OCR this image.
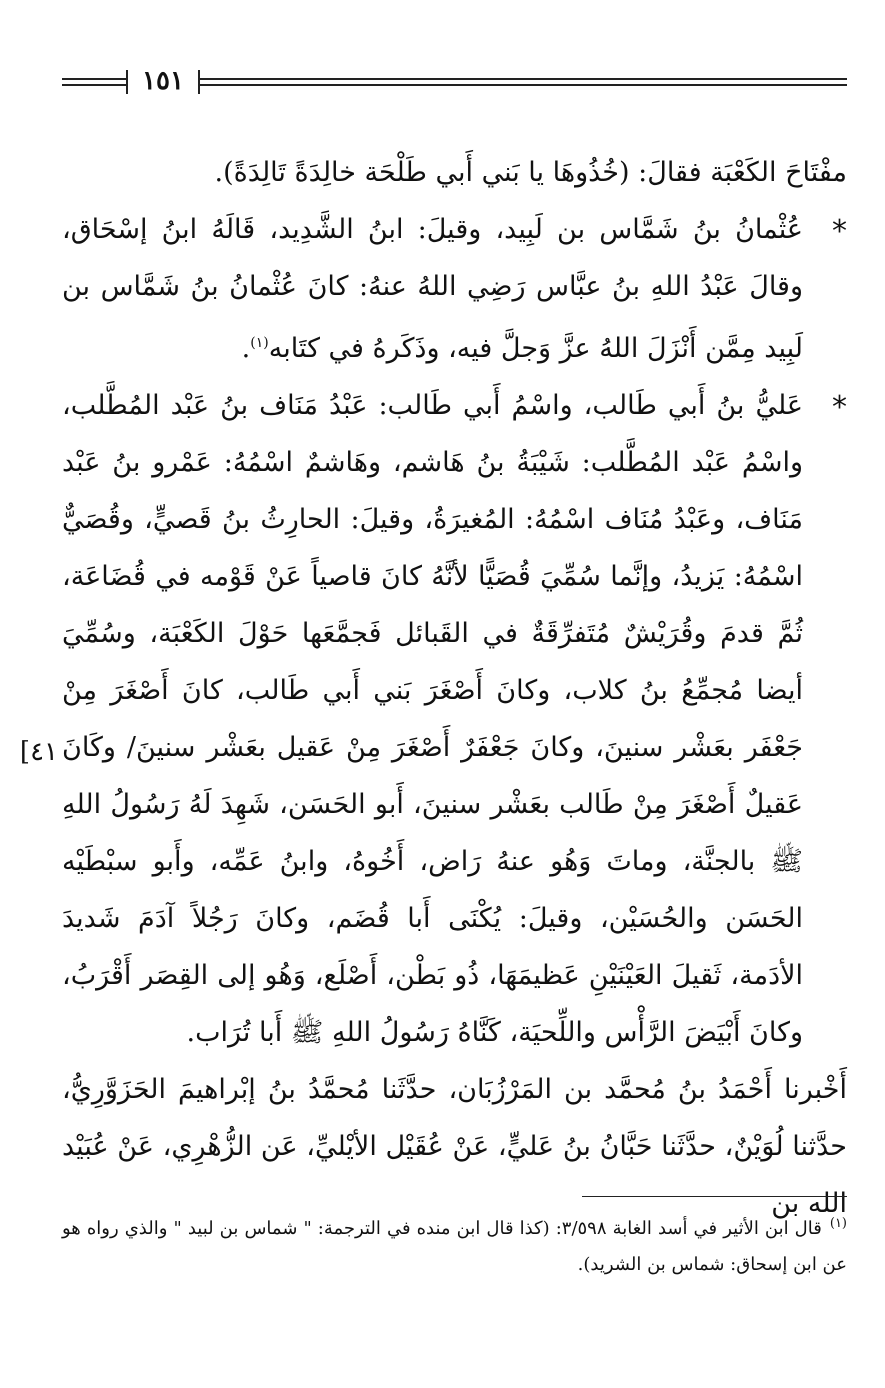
١٥١
[٤١

مفْتَاحَ الكَعْبَة فقالَ: (خُذُوهَا يا بَني أَبي طَلْحَة خالِدَةً تَالِدَةً).

*
عُثْمانُ بنُ شَمَّاس بن لَبِيد، وقيلَ: ابنُ الشَّدِيد، قَالَهُ ابنُ إسْحَاق، وقالَ عَبْدُ اللهِ بنُ عبَّاس رَضِي اللهُ عنهُ: كانَ عُثْمانُ بنُ شَمَّاس بن لَبِيد مِمَّن أَنْزَلَ اللهُ عزَّ وَجلَّ فيه، وذَكَرهُ في كتَابه$^{(١)}$.

*
عَليُّ بنُ أَبي طَالب، واسْمُ أَبي طَالب: عَبْدُ مَنَاف بنُ عَبْد المُطَّلب، واسْمُ عَبْد المُطَّلب: شَيْبَةُ بنُ هَاشم، وهَاشمٌ اسْمُهُ: عَمْرو بنُ عَبْد مَنَاف، وعَبْدُ مُنَاف اسْمُهُ: المُغيرَةُ، وقيلَ: الحارِثُ بنُ قَصيٍّ، وقُصَيٌّ اسْمُهُ: يَزيدُ، وإنَّما سُمِّيَ قُصَيًّا لأنَّهُ كانَ قاصياً عَنْ قَوْمه في قُضَاعَة، ثُمَّ قدمَ وقُرَيْشٌ مُتَفرِّقَةٌ في القَبائل فَجمَّعَها حَوْلَ الكَعْبَة، وسُمِّيَ أيضا مُجمِّعُ بنُ كلاب، وكانَ أَصْغَرَ بَني أَبي طَالب، كانَ أَصْغَرَ مِنْ جَعْفَر بعَشْر سنينَ، وكانَ جَعْفَرٌ أَصْغَرَ مِنْ عَقيل بعَشْر سنينَ/ وكَانَ عَقيلٌ أَصْغَرَ مِنْ طَالب بعَشْر سنينَ، أَبو الحَسَن، شَهِدَ لَهُ رَسُولُ اللهِ ﷺ بالجنَّة، وماتَ وَهُو عنهُ رَاض، أَخُوهُ، وابنُ عَمِّه، وأَبو سبْطَيْه الحَسَن والحُسَيْن، وقيلَ: يُكْنَى أَبا قُضَم، وكانَ رَجُلاً آدَمَ شَديدَ الأدَمة، ثَقيلَ العَيْنَيْنِ عَظيمَهَا، ذُو بَطْن، أَصْلَع، وَهُو إلى القِصَر أَقْرَبُ، وكانَ أَبْيَضَ الرَّأْس واللِّحيَة، كَنَّاهُ رَسُولُ اللهِ ﷺ أَبا تُرَاب.

أَخْبرنا أَحْمَدُ بنُ مُحمَّد بن المَرْزُبَان، حدَّثَنا مُحمَّدُ بنُ إبْراهيمَ الحَزَوَّرِيُّ، حدَّثنا لُوَيْنٌ، حدَّثَنا حَبَّانُ بنُ عَليٍّ، عَنْ عُقَيْل الأيْليِّ، عَن الزُّهْرِي، عَنْ عُبَيْد الله بن

$^{(١)}$قال ابن الأثير في أسد الغابة ٣/٥٩٨: (كذا قال ابن منده في الترجمة: " شماس بن لبيد " والذي رواه هو عن ابن إسحاق: شماس بن الشريد).
